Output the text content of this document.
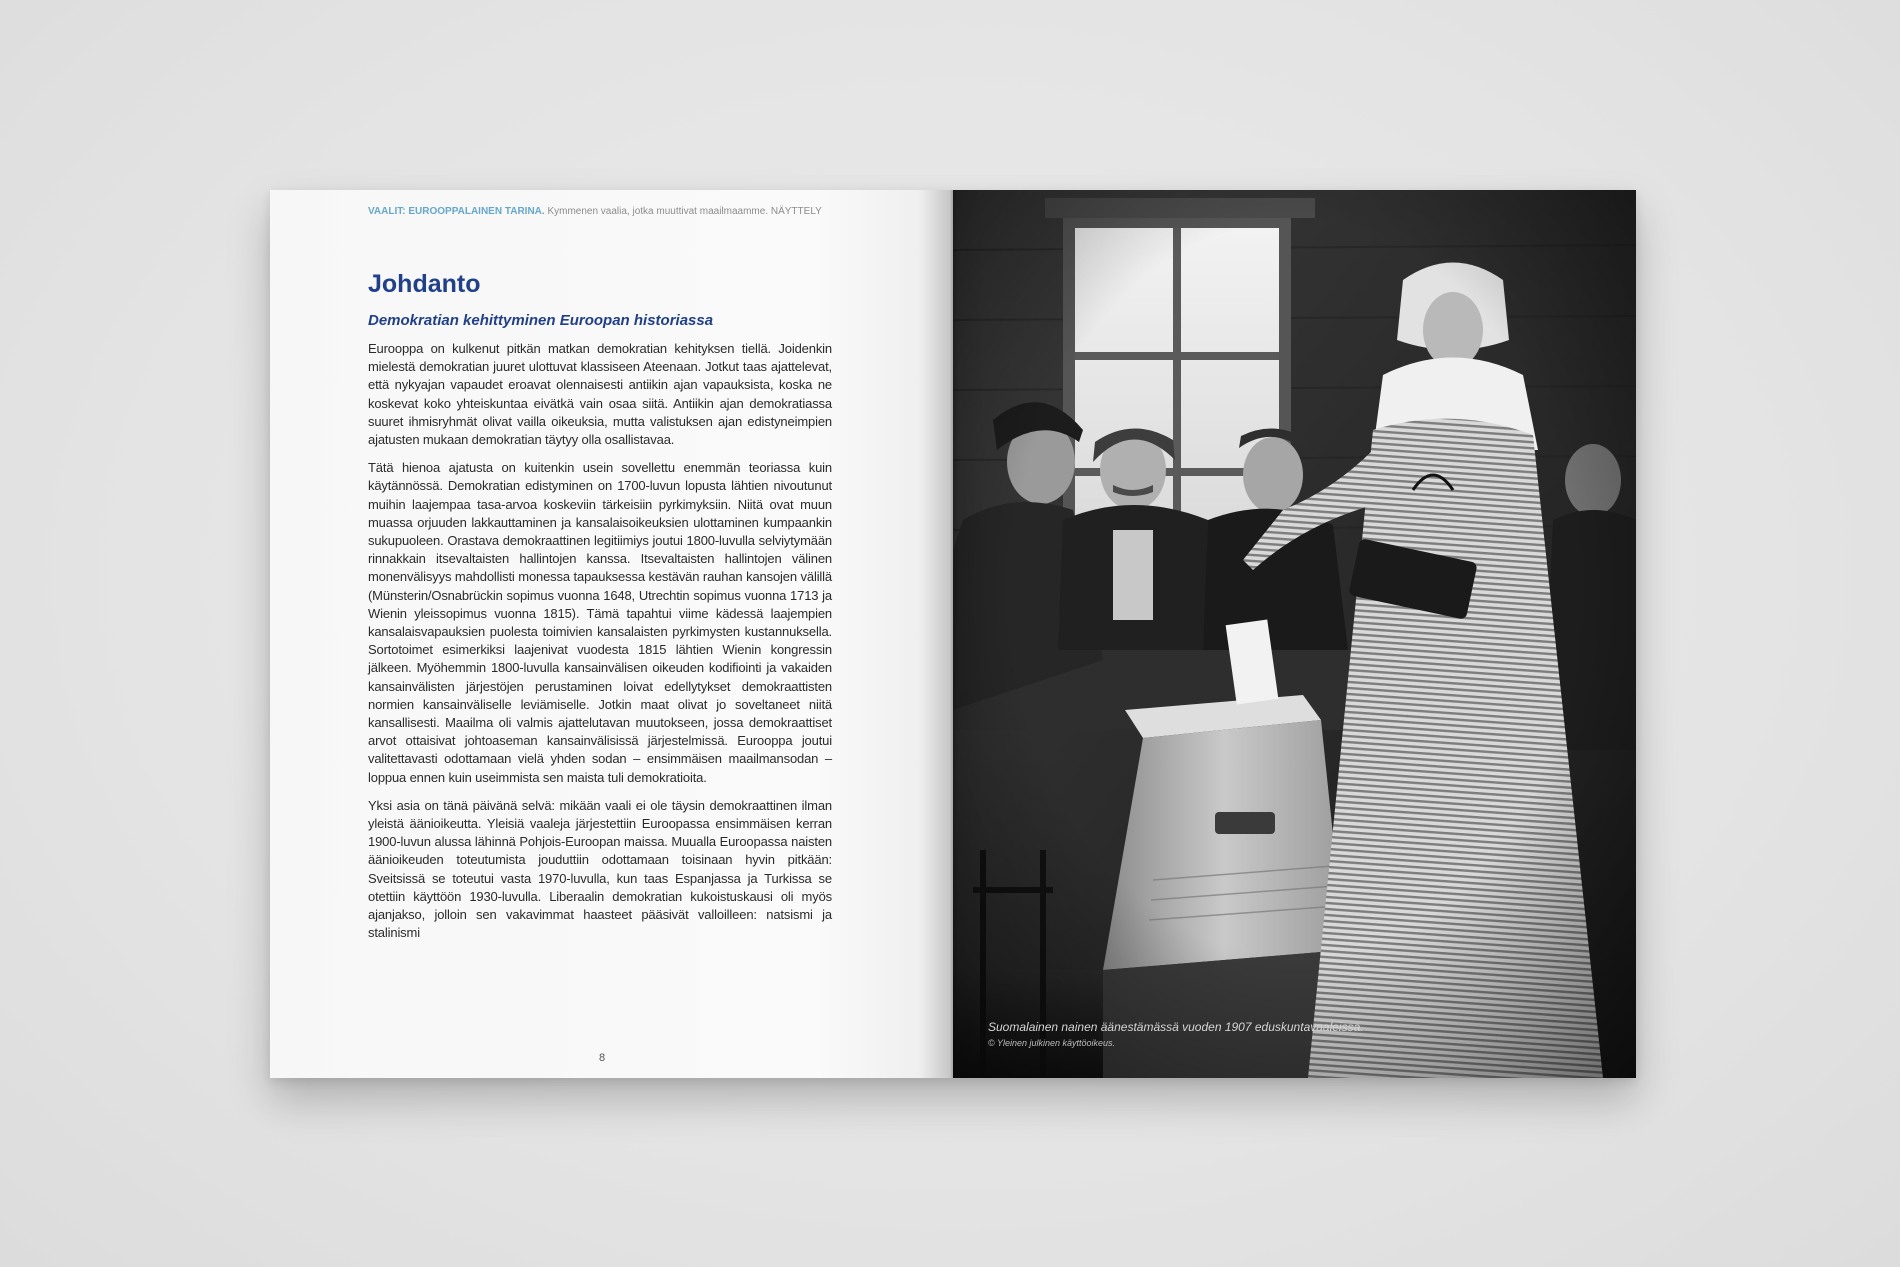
VAALIT: EUROOPPALAINEN TARINA. Kymmenen vaalia, jotka muuttivat maailmaamme. NÄYTTELY
Johdanto
Demokratian kehittyminen Euroopan historiassa

Eurooppa on kulkenut pitkän matkan demokratian kehityksen tiellä. Joidenkin mielestä demokratian juuret ulottuvat klassiseen Ateenaan. Jotkut taas ajattelevat, että nykyajan vapaudet eroavat olennaisesti antiikin ajan vapauksista, koska ne koskevat koko yhteiskuntaa eivätkä vain osaa siitä. Antiikin ajan demokratiassa suuret ihmisryhmät olivat vailla oikeuksia, mutta valistuksen ajan edistyneimpien ajatusten mukaan demokratian täytyy olla osallistavaa.

Tätä hienoa ajatusta on kuitenkin usein sovellettu enemmän teoriassa kuin käytännössä. Demokratian edistyminen on 1700-luvun lopusta lähtien nivoutunut muihin laajempaa tasa-arvoa koskeviin tärkeisiin pyrkimyksiin. Niitä ovat muun muassa orjuuden lakkauttaminen ja kansalaisoikeuksien ulottaminen kumpaankin sukupuoleen. Orastava demokraattinen legitiimiys joutui 1800-luvulla selviytymään rinnakkain itsevaltaisten hallintojen kanssa. Itsevaltaisten hallintojen välinen monenvälisyys mahdollisti monessa tapauksessa kestävän rauhan kansojen välillä (Münsterin/Osnabrückin sopimus vuonna 1648, Utrechtin sopimus vuonna 1713 ja Wienin yleissopimus vuonna 1815). Tämä tapahtui viime kädessä laajempien kansalaisvapauksien puolesta toimivien kansalaisten pyrkimysten kustannuksella. Sortotoimet esimerkiksi laajenivat vuodesta 1815 lähtien Wienin kongressin jälkeen. Myöhemmin 1800-luvulla kansainvälisen oikeuden kodifiointi ja vakaiden kansainvälisten järjestöjen perustaminen loivat edellytykset demokraattisten normien kansainväliselle leviämiselle. Jotkin maat olivat jo soveltaneet niitä kansallisesti. Maailma oli valmis ajattelutavan muutokseen, jossa demokraattiset arvot ottaisivat johtoaseman kansainvälisissä järjestelmissä. Eurooppa joutui valitettavasti odottamaan vielä yhden sodan – ensimmäisen maailmansodan – loppua ennen kuin useimmista sen maista tuli demokratioita.

Yksi asia on tänä päivänä selvä: mikään vaali ei ole täysin demokraattinen ilman yleistä äänioikeutta. Yleisiä vaaleja järjestettiin Euroopassa ensimmäisen kerran 1900-luvun alussa lähinnä Pohjois-Euroopan maissa. Muualla Euroopassa naisten äänioikeuden toteutumista jouduttiin odottamaan toisinaan hyvin pitkään: Sveitsissä se toteutui vasta 1970-luvulla, kun taas Espanjassa ja Turkissa se otettiin käyttöön 1930-luvulla. Liberaalin demokratian kukoistuskausi oli myös ajanjakso, jolloin sen vakavimmat haasteet pääsivät valloilleen: natsismi ja stalinismi

8
Suomalainen nainen äänestämässä vuoden 1907 eduskuntavaaleissa.
© Yleinen julkinen käyttöoikeus.
